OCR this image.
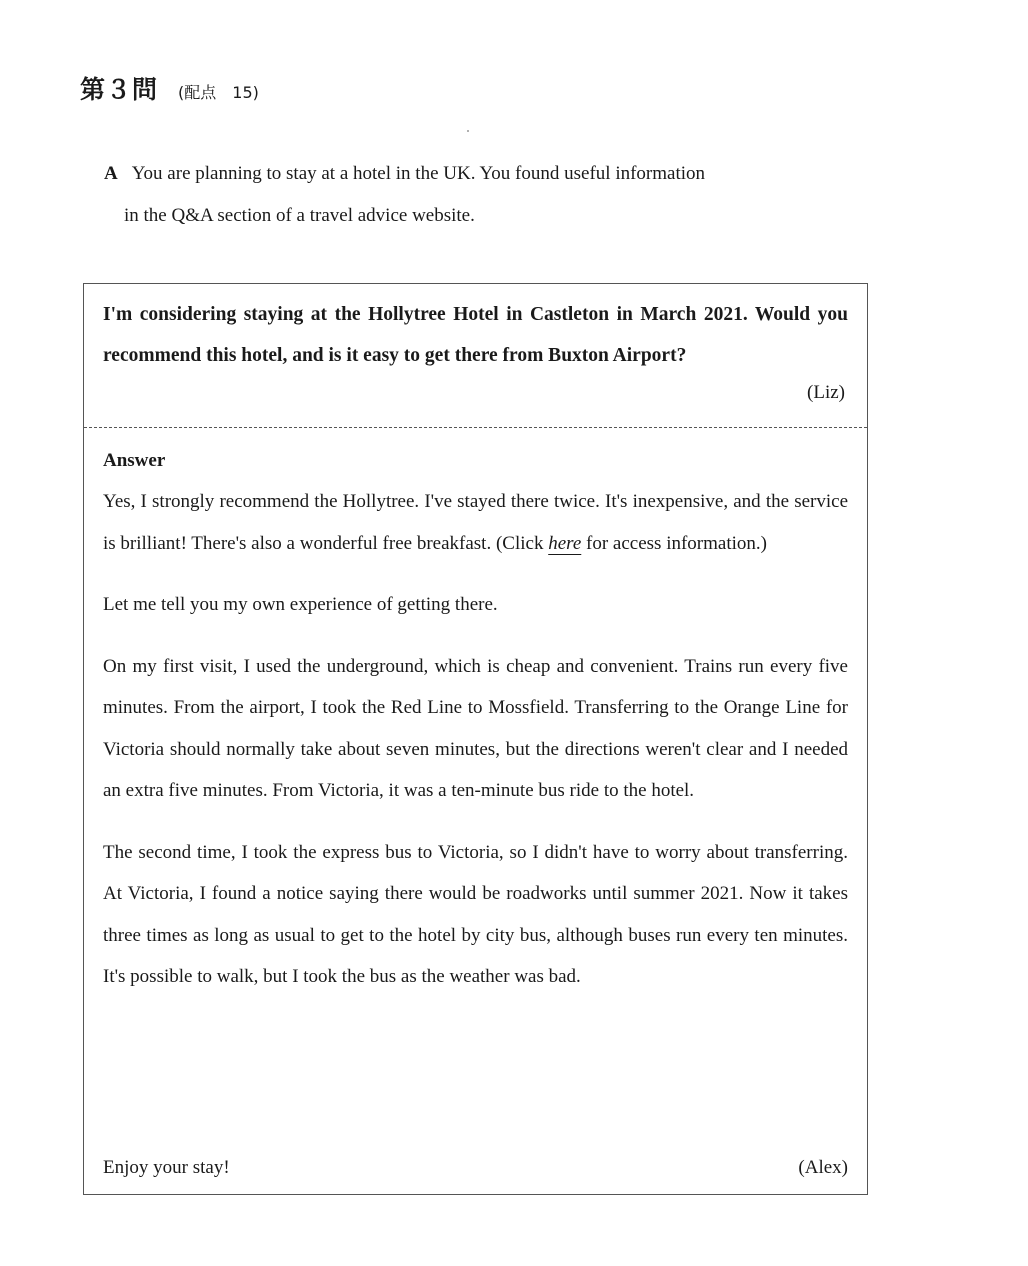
第３問 (配点　15)
A You are planning to stay at a hotel in the UK. You found useful information
in the Q&A section of a travel advice website.
I'm considering staying at the Hollytree Hotel in Castleton in March 2021. Would you recommend this hotel, and is it easy to get there from Buxton Airport?
(Liz)
Answer

Yes, I strongly recommend the Hollytree. I've stayed there twice. It's inexpensive, and the service is brilliant! There's also a wonderful free breakfast. (Click here for access information.)

Let me tell you my own experience of getting there.

On my first visit, I used the underground, which is cheap and convenient. Trains run every five minutes. From the airport, I took the Red Line to Mossfield. Transferring to the Orange Line for Victoria should normally take about seven minutes, but the directions weren't clear and I needed an extra five minutes. From Victoria, it was a ten-minute bus ride to the hotel.

The second time, I took the express bus to Victoria, so I didn't have to worry about transferring. At Victoria, I found a notice saying there would be roadworks until summer 2021. Now it takes three times as long as usual to get to the hotel by city bus, although buses run every ten minutes. It's possible to walk, but I took the bus as the weather was bad.

Enjoy your stay!	(Alex)
